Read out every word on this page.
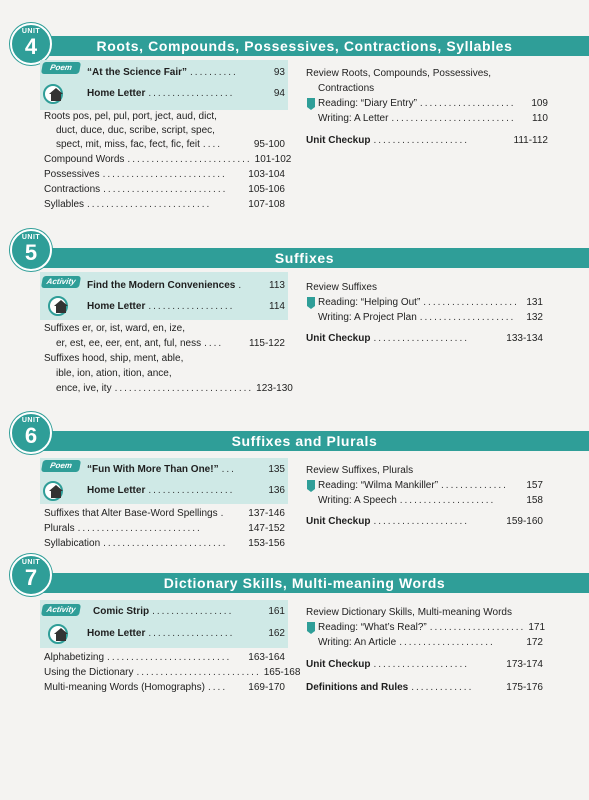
Roots, Compounds, Possessives, Contractions, Syllables
UNIT
4
Poem	“At the Science Fair” ..........	93
Home Letter ..................	94
Roots pos, pel, pul, port, ject, aud, dict,
duct, duce, duc, scribe, script, spec,
spect, mit, miss, fac, fect, fic, feit ....	95-100
Compound Words .......................... 101-102
Possessives ..........................	103-104
Contractions ..........................	105-106
Syllables ..........................	107-108
Review Roots, Compounds, Possessives,
Contractions
Reading: “Diary Entry” ....................	109
Writing: A Letter ..........................	110
Unit Checkup ....................	111-112
Suffixes
UNIT
5
Activity	Find the Modern Conveniences .	113
Home Letter ..................	114
Suffixes er, or, ist, ward, en, ize,
er, est, ee, eer, ent, ant, ful, ness ....	115-122
Suffixes hood, ship, ment, able,
ible, ion, ation, ition, ance,
ence, ive, ity ............................. 123-130
Review Suffixes
Reading: “Helping Out” .................... 131
Writing: A Project Plan ....................	132
Unit Checkup ....................	133-134
Suffixes and Plurals
UNIT
6
Poem	“Fun With More Than One!” ...	135
Home Letter ..................	136
Suffixes that Alter Base-Word Spellings .	137-146
Plurals ..........................	147-152
Syllabication ..........................	153-156
Review Suffixes, Plurals
Reading: “Wilma Mankiller” ..............	157
Writing: A Speech ....................	158
Unit Checkup ....................	159-160
Dictionary Skills, Multi-meaning Words
UNIT
7
Activity	Comic Strip .................	161
Home Letter ..................	162
Alphabetizing ..........................	163-164
Using the Dictionary .......................... 165-168
Multi-meaning Words (Homographs) ....	169-170
Review Dictionary Skills, Multi-meaning Words
Reading: “What’s Real?” .................... 171
Writing: An Article ....................	172
Unit Checkup ....................	173-174
Definitions and Rules .............	175-176
